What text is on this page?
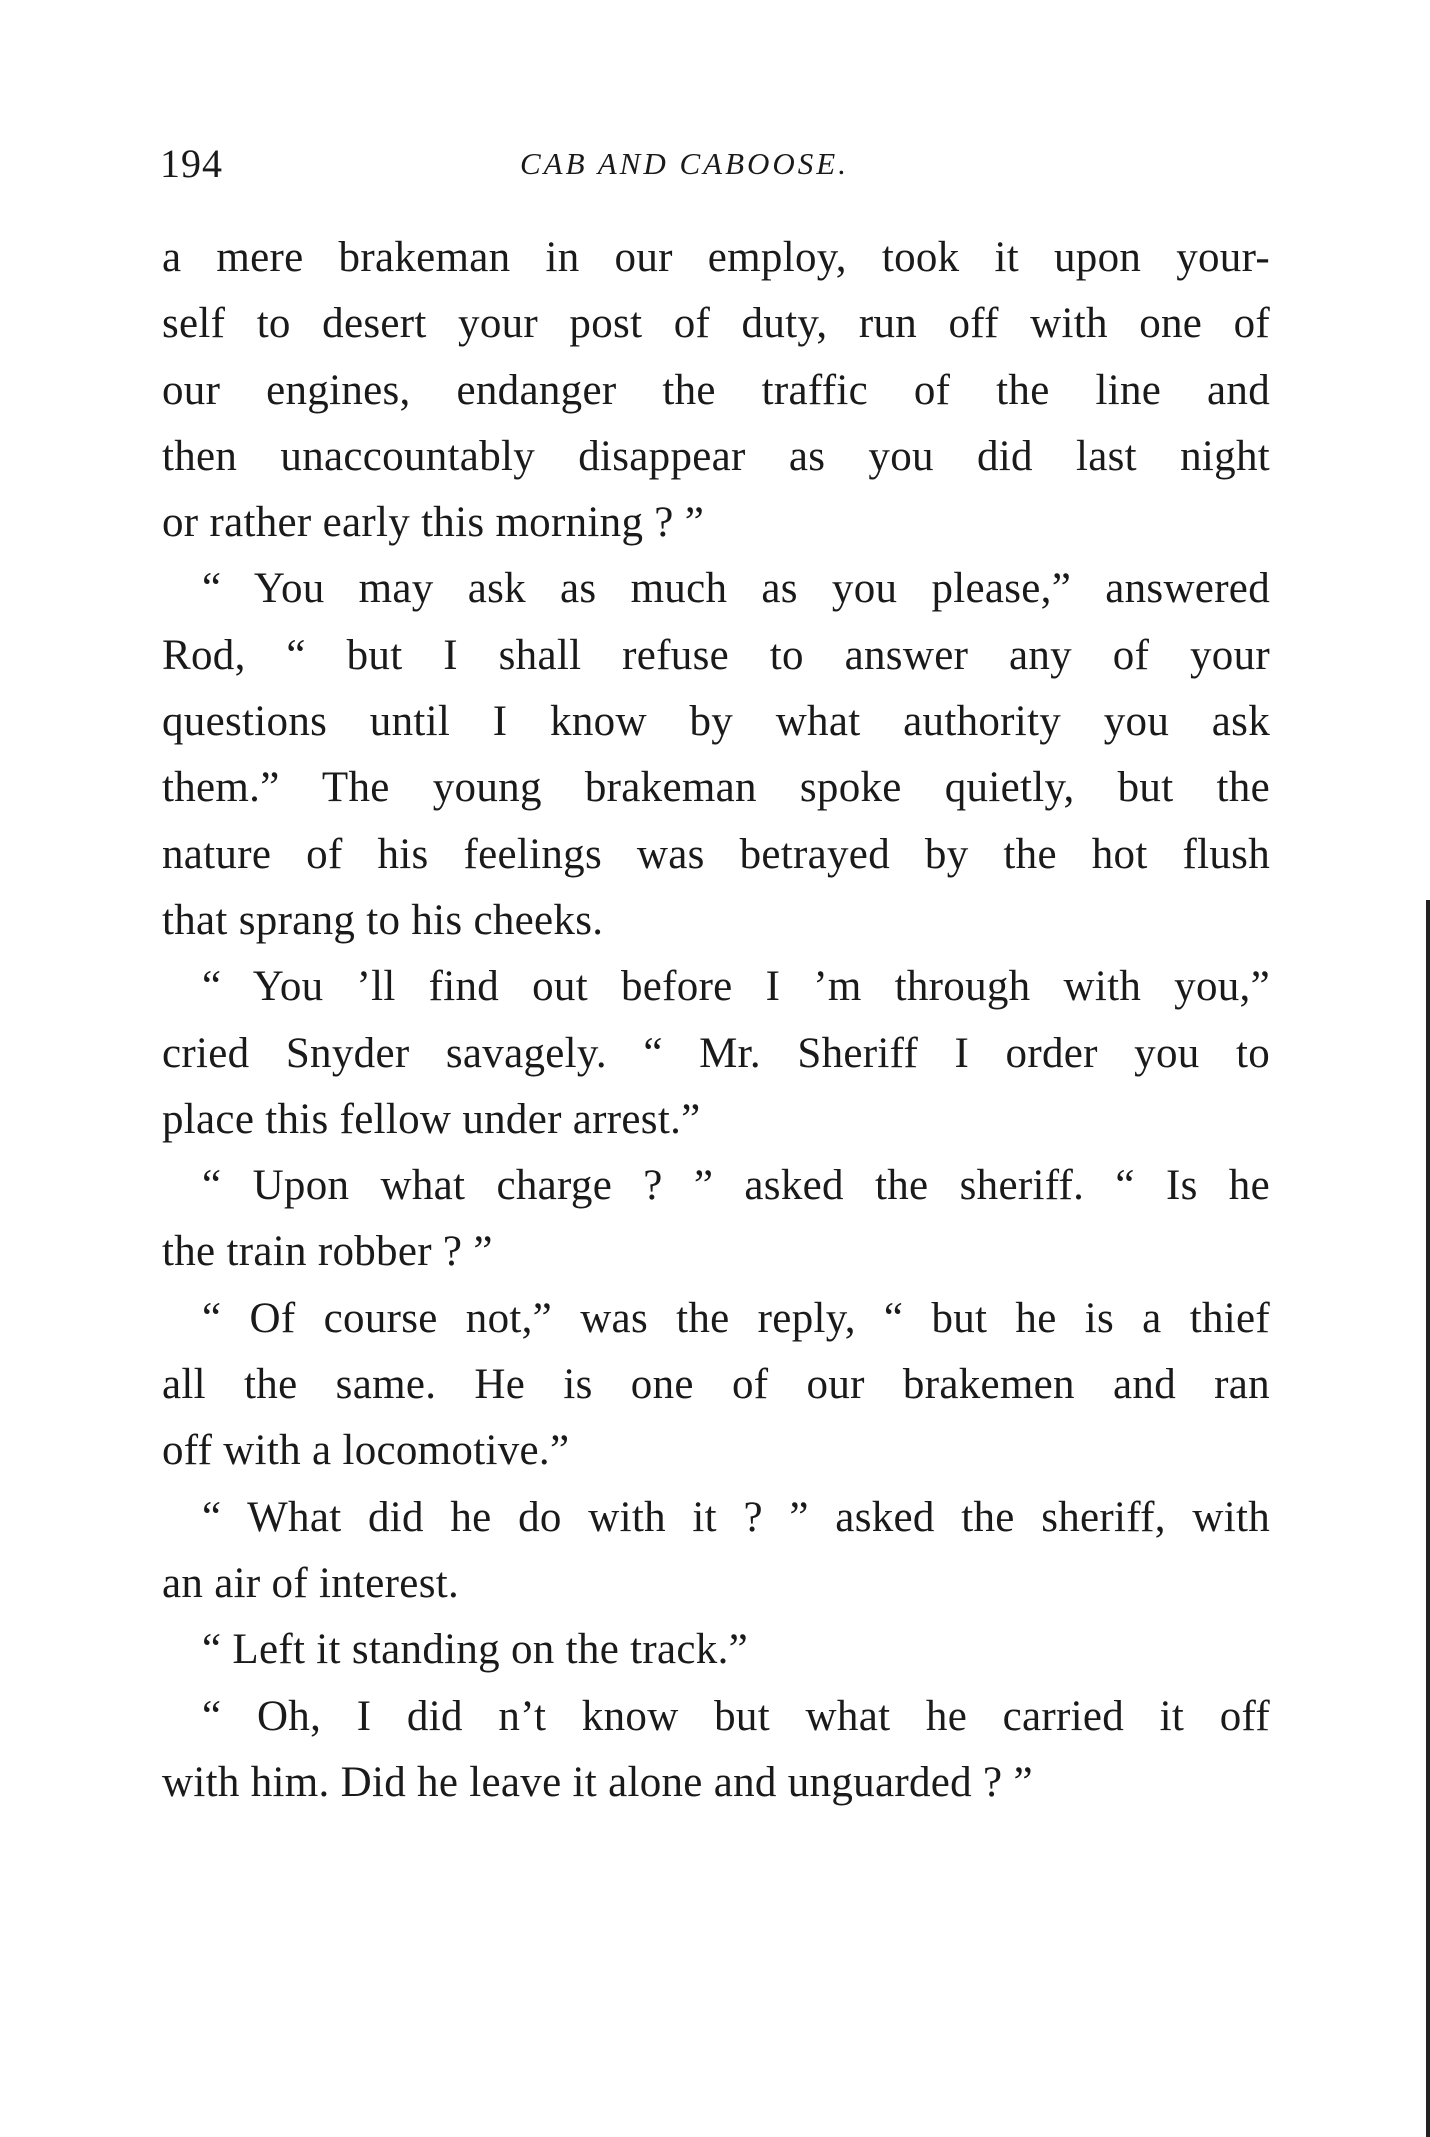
194	CAB AND CABOOSE.
a mere brakeman in our employ, took it upon your-
self to desert your post of duty, run off with one of
our engines, endanger the traffic of the line and
then unaccountably disappear as you did last night
or rather early this morning ? ”
“ You may ask as much as you please,” answered
Rod, “ but I shall refuse to answer any of your
questions until I know by what authority you ask
them.” The young brakeman spoke quietly, but the
nature of his feelings was betrayed by the hot flush
that sprang to his cheeks.
“ You ’ll find out before I ’m through with you,”
cried Snyder savagely. “ Mr. Sheriff I order you to
place this fellow under arrest.”
“ Upon what charge ? ” asked the sheriff. “ Is he
the train robber ? ”
“ Of course not,” was the reply, “ but he is a thief
all the same. He is one of our brakemen and ran
off with a locomotive.”
“ What did he do with it ? ” asked the sheriff, with
an air of interest.
“ Left it standing on the track.”
“ Oh, I did n’t know but what he carried it off
with him. Did he leave it alone and unguarded ? ”
